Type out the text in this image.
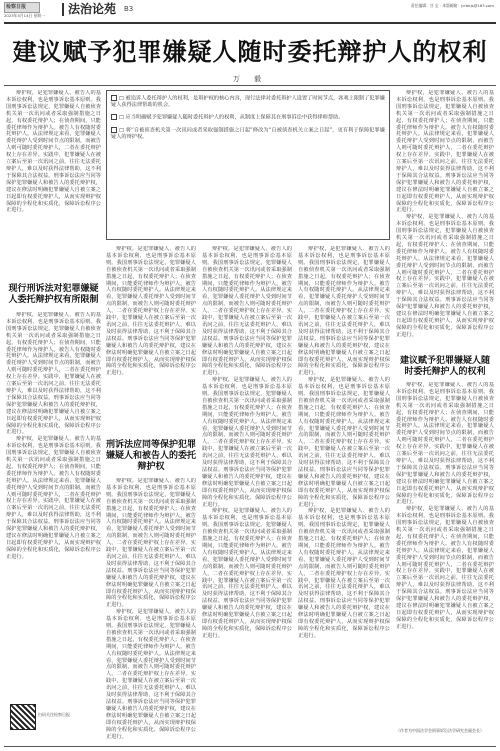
检察日报
2023年5月14日 星期一	法治论苑 B3	责任编辑：甘 宝 · 本版邮箱：jcrbkjs@163.com
建议赋予犯罪嫌疑人随时委托辩护人的权利
万 毅

辩护权，是犯罪嫌疑人、被告人的基本诉讼权利，也是刑事诉讼基本原则。我国刑事诉讼法规定，犯罪嫌疑人自被侦查机关第一次讯问或者采取强制措施之日起，有权委托辩护人；在侦查期间，只能委托律师作为辩护人。被告人有权随时委托辩护人。从法律规定来看，犯罪嫌疑人委托辩护人受到时间节点的限制，而被告人则可随时委托辩护人，二者在委托辩护权上存在差异。实践中，犯罪嫌疑人在被立案后至第一次讯问之前，往往无法委托辩护人，难以及时获得法律帮助，这不利于保障其合法权益。刑事诉讼法应当同等保护犯罪嫌疑人和被告人的委托辩护权，建议在修法时明确犯罪嫌疑人自被立案之日起即有权委托辩护人，从而实现辩护权保障的全程化和实质化，保障诉讼程序公正进行。

现行刑诉法对犯罪嫌疑人委托辩护权有所限制

辩护权，是犯罪嫌疑人、被告人的基本诉讼权利，也是刑事诉讼基本原则。我国刑事诉讼法规定，犯罪嫌疑人自被侦查机关第一次讯问或者采取强制措施之日起，有权委托辩护人；在侦查期间，只能委托律师作为辩护人。被告人有权随时委托辩护人。从法律规定来看，犯罪嫌疑人委托辩护人受到时间节点的限制，而被告人则可随时委托辩护人，二者在委托辩护权上存在差异。实践中，犯罪嫌疑人在被立案后至第一次讯问之前，往往无法委托辩护人，难以及时获得法律帮助，这不利于保障其合法权益。刑事诉讼法应当同等保护犯罪嫌疑人和被告人的委托辩护权，建议在修法时明确犯罪嫌疑人自被立案之日起即有权委托辩护人，从而实现辩护权保障的全程化和实质化，保障诉讼程序公正进行。

辩护权，是犯罪嫌疑人、被告人的基本诉讼权利，也是刑事诉讼基本原则。我国刑事诉讼法规定，犯罪嫌疑人自被侦查机关第一次讯问或者采取强制措施之日起，有权委托辩护人；在侦查期间，只能委托律师作为辩护人。被告人有权随时委托辩护人。从法律规定来看，犯罪嫌疑人委托辩护人受到时间节点的限制，而被告人则可随时委托辩护人，二者在委托辩护权上存在差异。实践中，犯罪嫌疑人在被立案后至第一次讯问之前，往往无法委托辩护人，难以及时获得法律帮助，这不利于保障其合法权益。刑事诉讼法应当同等保护犯罪嫌疑人和被告人的委托辩护权，建议在修法时明确犯罪嫌疑人自被立案之日起即有权委托辩护人，从而实现辩护权保障的全程化和实质化，保障诉讼程序公正进行。

扫码关注检察日报
□ 被追诉人委托辩护人的权利，是辩护权的核心内容，现行法律对委托辩护人设置了时间节点，客观上限制了犯罪嫌疑人获得法律帮助的机会。
□ 应当明确赋予犯罪嫌疑人随时委托辩护人的权利，从制度上保障其在刑事诉讼中获得律师帮助。
□ 将“自被侦查机关第一次讯问或者采取强制措施之日起”修改为“自被侦查机关立案之日起”，更有利于保障犯罪嫌疑人的辩护权。

辩护权，是犯罪嫌疑人、被告人的基本诉讼权利，也是刑事诉讼基本原则。我国刑事诉讼法规定，犯罪嫌疑人自被侦查机关第一次讯问或者采取强制措施之日起，有权委托辩护人；在侦查期间，只能委托律师作为辩护人。被告人有权随时委托辩护人。从法律规定来看，犯罪嫌疑人委托辩护人受到时间节点的限制，而被告人则可随时委托辩护人，二者在委托辩护权上存在差异。实践中，犯罪嫌疑人在被立案后至第一次讯问之前，往往无法委托辩护人，难以及时获得法律帮助，这不利于保障其合法权益。刑事诉讼法应当同等保护犯罪嫌疑人和被告人的委托辩护权，建议在修法时明确犯罪嫌疑人自被立案之日起即有权委托辩护人，从而实现辩护权保障的全程化和实质化，保障诉讼程序公正进行。

刑诉法应同等保护犯罪嫌疑人和被告人的委托辩护权

辩护权，是犯罪嫌疑人、被告人的基本诉讼权利，也是刑事诉讼基本原则。我国刑事诉讼法规定，犯罪嫌疑人自被侦查机关第一次讯问或者采取强制措施之日起，有权委托辩护人；在侦查期间，只能委托律师作为辩护人。被告人有权随时委托辩护人。从法律规定来看，犯罪嫌疑人委托辩护人受到时间节点的限制，而被告人则可随时委托辩护人，二者在委托辩护权上存在差异。实践中，犯罪嫌疑人在被立案后至第一次讯问之前，往往无法委托辩护人，难以及时获得法律帮助，这不利于保障其合法权益。刑事诉讼法应当同等保护犯罪嫌疑人和被告人的委托辩护权，建议在修法时明确犯罪嫌疑人自被立案之日起即有权委托辩护人，从而实现辩护权保障的全程化和实质化，保障诉讼程序公正进行。

辩护权，是犯罪嫌疑人、被告人的基本诉讼权利，也是刑事诉讼基本原则。我国刑事诉讼法规定，犯罪嫌疑人自被侦查机关第一次讯问或者采取强制措施之日起，有权委托辩护人；在侦查期间，只能委托律师作为辩护人。被告人有权随时委托辩护人。从法律规定来看，犯罪嫌疑人委托辩护人受到时间节点的限制，而被告人则可随时委托辩护人，二者在委托辩护权上存在差异。实践中，犯罪嫌疑人在被立案后至第一次讯问之前，往往无法委托辩护人，难以及时获得法律帮助，这不利于保障其合法权益。刑事诉讼法应当同等保护犯罪嫌疑人和被告人的委托辩护权，建议在修法时明确犯罪嫌疑人自被立案之日起即有权委托辩护人，从而实现辩护权保障的全程化和实质化，保障诉讼程序公正进行。

辩护权，是犯罪嫌疑人、被告人的基本诉讼权利，也是刑事诉讼基本原则。我国刑事诉讼法规定，犯罪嫌疑人自被侦查机关第一次讯问或者采取强制措施之日起，有权委托辩护人；在侦查期间，只能委托律师作为辩护人。被告人有权随时委托辩护人。从法律规定来看，犯罪嫌疑人委托辩护人受到时间节点的限制，而被告人则可随时委托辩护人，二者在委托辩护权上存在差异。实践中，犯罪嫌疑人在被立案后至第一次讯问之前，往往无法委托辩护人，难以及时获得法律帮助，这不利于保障其合法权益。刑事诉讼法应当同等保护犯罪嫌疑人和被告人的委托辩护权，建议在修法时明确犯罪嫌疑人自被立案之日起即有权委托辩护人，从而实现辩护权保障的全程化和实质化，保障诉讼程序公正进行。

辩护权，是犯罪嫌疑人、被告人的基本诉讼权利，也是刑事诉讼基本原则。我国刑事诉讼法规定，犯罪嫌疑人自被侦查机关第一次讯问或者采取强制措施之日起，有权委托辩护人；在侦查期间，只能委托律师作为辩护人。被告人有权随时委托辩护人。从法律规定来看，犯罪嫌疑人委托辩护人受到时间节点的限制，而被告人则可随时委托辩护人，二者在委托辩护权上存在差异。实践中，犯罪嫌疑人在被立案后至第一次讯问之前，往往无法委托辩护人，难以及时获得法律帮助，这不利于保障其合法权益。刑事诉讼法应当同等保护犯罪嫌疑人和被告人的委托辩护权，建议在修法时明确犯罪嫌疑人自被立案之日起即有权委托辩护人，从而实现辩护权保障的全程化和实质化，保障诉讼程序公正进行。

辩护权，是犯罪嫌疑人、被告人的基本诉讼权利，也是刑事诉讼基本原则。我国刑事诉讼法规定，犯罪嫌疑人自被侦查机关第一次讯问或者采取强制措施之日起，有权委托辩护人；在侦查期间，只能委托律师作为辩护人。被告人有权随时委托辩护人。从法律规定来看，犯罪嫌疑人委托辩护人受到时间节点的限制，而被告人则可随时委托辩护人，二者在委托辩护权上存在差异。实践中，犯罪嫌疑人在被立案后至第一次讯问之前，往往无法委托辩护人，难以及时获得法律帮助，这不利于保障其合法权益。刑事诉讼法应当同等保护犯罪嫌疑人和被告人的委托辩护权，建议在修法时明确犯罪嫌疑人自被立案之日起即有权委托辩护人，从而实现辩护权保障的全程化和实质化，保障诉讼程序公正进行。

辩护权，是犯罪嫌疑人、被告人的基本诉讼权利，也是刑事诉讼基本原则。我国刑事诉讼法规定，犯罪嫌疑人自被侦查机关第一次讯问或者采取强制措施之日起，有权委托辩护人；在侦查期间，只能委托律师作为辩护人。被告人有权随时委托辩护人。从法律规定来看，犯罪嫌疑人委托辩护人受到时间节点的限制，而被告人则可随时委托辩护人，二者在委托辩护权上存在差异。实践中，犯罪嫌疑人在被立案后至第一次讯问之前，往往无法委托辩护人，难以及时获得法律帮助，这不利于保障其合法权益。刑事诉讼法应当同等保护犯罪嫌疑人和被告人的委托辩护权，建议在修法时明确犯罪嫌疑人自被立案之日起即有权委托辩护人，从而实现辩护权保障的全程化和实质化，保障诉讼程序公正进行。

辩护权，是犯罪嫌疑人、被告人的基本诉讼权利，也是刑事诉讼基本原则。我国刑事诉讼法规定，犯罪嫌疑人自被侦查机关第一次讯问或者采取强制措施之日起，有权委托辩护人；在侦查期间，只能委托律师作为辩护人。被告人有权随时委托辩护人。从法律规定来看，犯罪嫌疑人委托辩护人受到时间节点的限制，而被告人则可随时委托辩护人，二者在委托辩护权上存在差异。实践中，犯罪嫌疑人在被立案后至第一次讯问之前，往往无法委托辩护人，难以及时获得法律帮助，这不利于保障其合法权益。刑事诉讼法应当同等保护犯罪嫌疑人和被告人的委托辩护权，建议在修法时明确犯罪嫌疑人自被立案之日起即有权委托辩护人，从而实现辩护权保障的全程化和实质化，保障诉讼程序公正进行。

辩护权，是犯罪嫌疑人、被告人的基本诉讼权利，也是刑事诉讼基本原则。我国刑事诉讼法规定，犯罪嫌疑人自被侦查机关第一次讯问或者采取强制措施之日起，有权委托辩护人；在侦查期间，只能委托律师作为辩护人。被告人有权随时委托辩护人。从法律规定来看，犯罪嫌疑人委托辩护人受到时间节点的限制，而被告人则可随时委托辩护人，二者在委托辩护权上存在差异。实践中，犯罪嫌疑人在被立案后至第一次讯问之前，往往无法委托辩护人，难以及时获得法律帮助，这不利于保障其合法权益。刑事诉讼法应当同等保护犯罪嫌疑人和被告人的委托辩护权，建议在修法时明确犯罪嫌疑人自被立案之日起即有权委托辩护人，从而实现辩护权保障的全程化和实质化，保障诉讼程序公正进行。

辩护权，是犯罪嫌疑人、被告人的基本诉讼权利，也是刑事诉讼基本原则。我国刑事诉讼法规定，犯罪嫌疑人自被侦查机关第一次讯问或者采取强制措施之日起，有权委托辩护人；在侦查期间，只能委托律师作为辩护人。被告人有权随时委托辩护人。从法律规定来看，犯罪嫌疑人委托辩护人受到时间节点的限制，而被告人则可随时委托辩护人，二者在委托辩护权上存在差异。实践中，犯罪嫌疑人在被立案后至第一次讯问之前，往往无法委托辩护人，难以及时获得法律帮助，这不利于保障其合法权益。刑事诉讼法应当同等保护犯罪嫌疑人和被告人的委托辩护权，建议在修法时明确犯罪嫌疑人自被立案之日起即有权委托辩护人，从而实现辩护权保障的全程化和实质化，保障诉讼程序公正进行。

辩护权，是犯罪嫌疑人、被告人的基本诉讼权利，也是刑事诉讼基本原则。我国刑事诉讼法规定，犯罪嫌疑人自被侦查机关第一次讯问或者采取强制措施之日起，有权委托辩护人；在侦查期间，只能委托律师作为辩护人。被告人有权随时委托辩护人。从法律规定来看，犯罪嫌疑人委托辩护人受到时间节点的限制，而被告人则可随时委托辩护人，二者在委托辩护权上存在差异。实践中，犯罪嫌疑人在被立案后至第一次讯问之前，往往无法委托辩护人，难以及时获得法律帮助，这不利于保障其合法权益。刑事诉讼法应当同等保护犯罪嫌疑人和被告人的委托辩护权，建议在修法时明确犯罪嫌疑人自被立案之日起即有权委托辩护人，从而实现辩护权保障的全程化和实质化，保障诉讼程序公正进行。

建议赋予犯罪嫌疑人随时委托辩护人的权利

辩护权，是犯罪嫌疑人、被告人的基本诉讼权利，也是刑事诉讼基本原则。我国刑事诉讼法规定，犯罪嫌疑人自被侦查机关第一次讯问或者采取强制措施之日起，有权委托辩护人；在侦查期间，只能委托律师作为辩护人。被告人有权随时委托辩护人。从法律规定来看，犯罪嫌疑人委托辩护人受到时间节点的限制，而被告人则可随时委托辩护人，二者在委托辩护权上存在差异。实践中，犯罪嫌疑人在被立案后至第一次讯问之前，往往无法委托辩护人，难以及时获得法律帮助，这不利于保障其合法权益。刑事诉讼法应当同等保护犯罪嫌疑人和被告人的委托辩护权，建议在修法时明确犯罪嫌疑人自被立案之日起即有权委托辩护人，从而实现辩护权保障的全程化和实质化，保障诉讼程序公正进行。

辩护权，是犯罪嫌疑人、被告人的基本诉讼权利，也是刑事诉讼基本原则。我国刑事诉讼法规定，犯罪嫌疑人自被侦查机关第一次讯问或者采取强制措施之日起，有权委托辩护人；在侦查期间，只能委托律师作为辩护人。被告人有权随时委托辩护人。从法律规定来看，犯罪嫌疑人委托辩护人受到时间节点的限制，而被告人则可随时委托辩护人，二者在委托辩护权上存在差异。实践中，犯罪嫌疑人在被立案后至第一次讯问之前，往往无法委托辩护人，难以及时获得法律帮助，这不利于保障其合法权益。刑事诉讼法应当同等保护犯罪嫌疑人和被告人的委托辩护权，建议在修法时明确犯罪嫌疑人自被立案之日起即有权委托辩护人，从而实现辩护权保障的全程化和实质化，保障诉讼程序公正进行。

（作者为中国法学会刑事诉讼法学研究会副会长）
